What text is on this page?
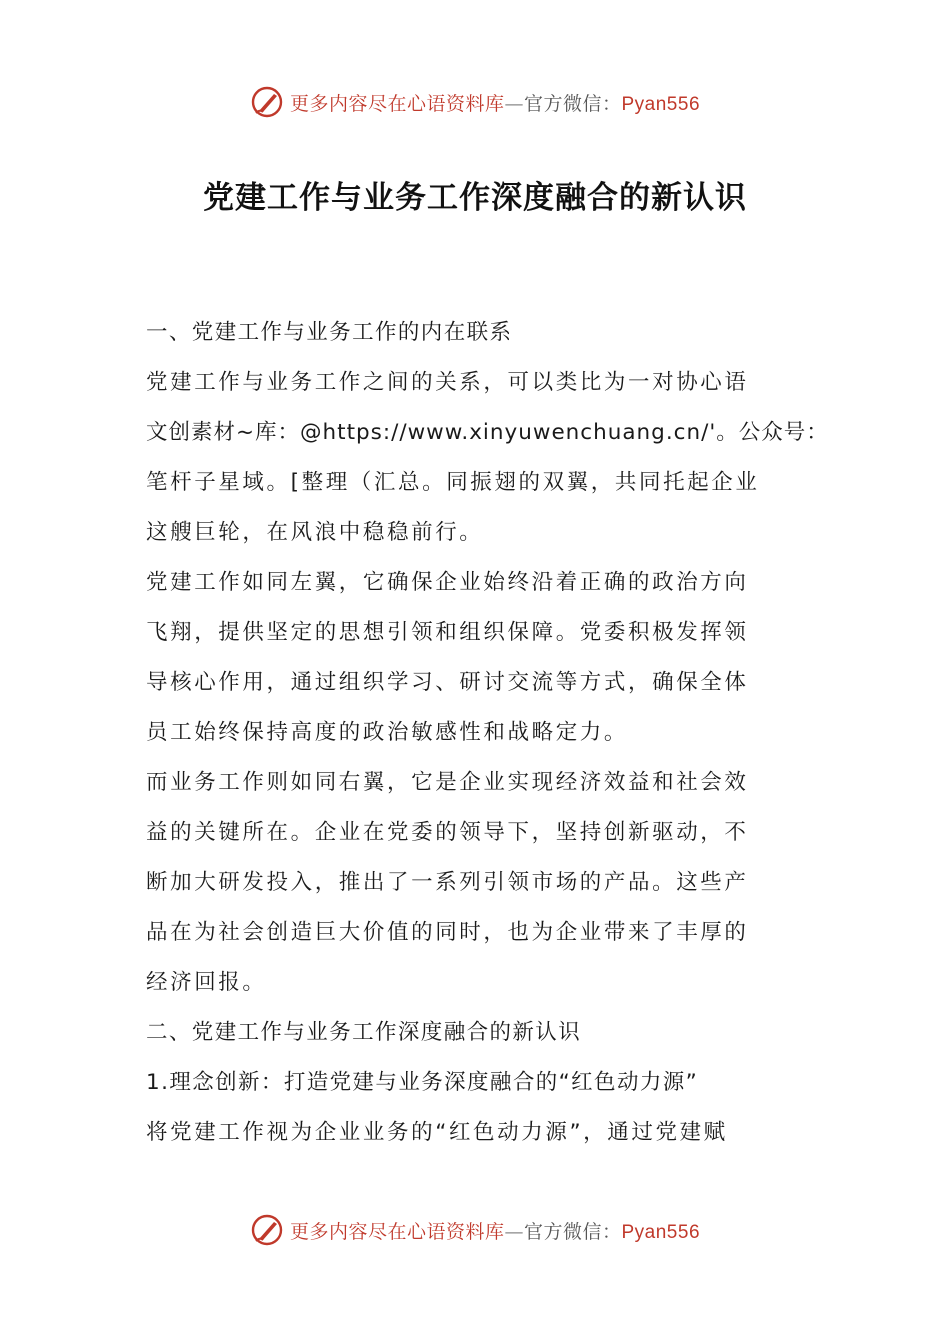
更多内容尽在心语资料库—官方微信：Pyan556
党建工作与业务工作深度融合的新认识
一、党建工作与业务工作的内在联系
党建工作与业务工作之间的关系，可以类比为一对协心语
文创素材~库：@https://www.xinyuwenchuang.cn/'。公众号：
笔杆子星域。[整理（汇总。同振翅的双翼，共同托起企业
这艘巨轮，在风浪中稳稳前行。
党建工作如同左翼，它确保企业始终沿着正确的政治方向
飞翔，提供坚定的思想引领和组织保障。党委积极发挥领
导核心作用，通过组织学习、研讨交流等方式，确保全体
员工始终保持高度的政治敏感性和战略定力。
而业务工作则如同右翼，它是企业实现经济效益和社会效
益的关键所在。企业在党委的领导下，坚持创新驱动，不
断加大研发投入，推出了一系列引领市场的产品。这些产
品在为社会创造巨大价值的同时，也为企业带来了丰厚的
经济回报。
二、党建工作与业务工作深度融合的新认识
1.理念创新：打造党建与业务深度融合的“红色动力源”
将党建工作视为企业业务的“红色动力源”，通过党建赋
更多内容尽在心语资料库—官方微信：Pyan556
